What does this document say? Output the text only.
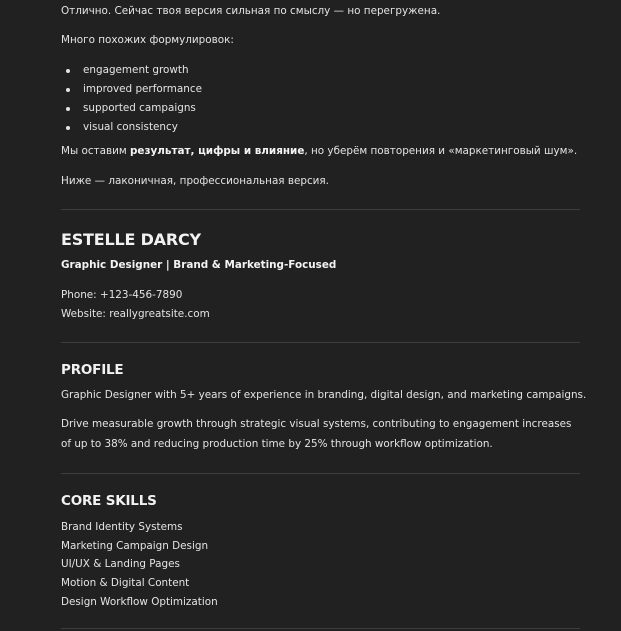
Отлично. Сейчас твоя версия сильная по смыслу — но перегружена.
Много похожих формулировок:
engagement growth
improved performance
supported campaigns
visual consistency
Мы оставим результат, цифры и влияние, но уберём повторения и «маркетинговый шум».
Ниже — лаконичная, профессиональная версия.
ESTELLE DARCY
Graphic Designer | Brand & Marketing-Focused
Phone: +123-456-7890
Website: reallygreatsite.com
PROFILE
Graphic Designer with 5+ years of experience in branding, digital design, and marketing campaigns.
Drive measurable growth through strategic visual systems, contributing to engagement increases of up to 38% and reducing production time by 25% through workflow optimization.
CORE SKILLS
Brand Identity Systems
Marketing Campaign Design
UI/UX & Landing Pages
Motion & Digital Content
Design Workflow Optimization
